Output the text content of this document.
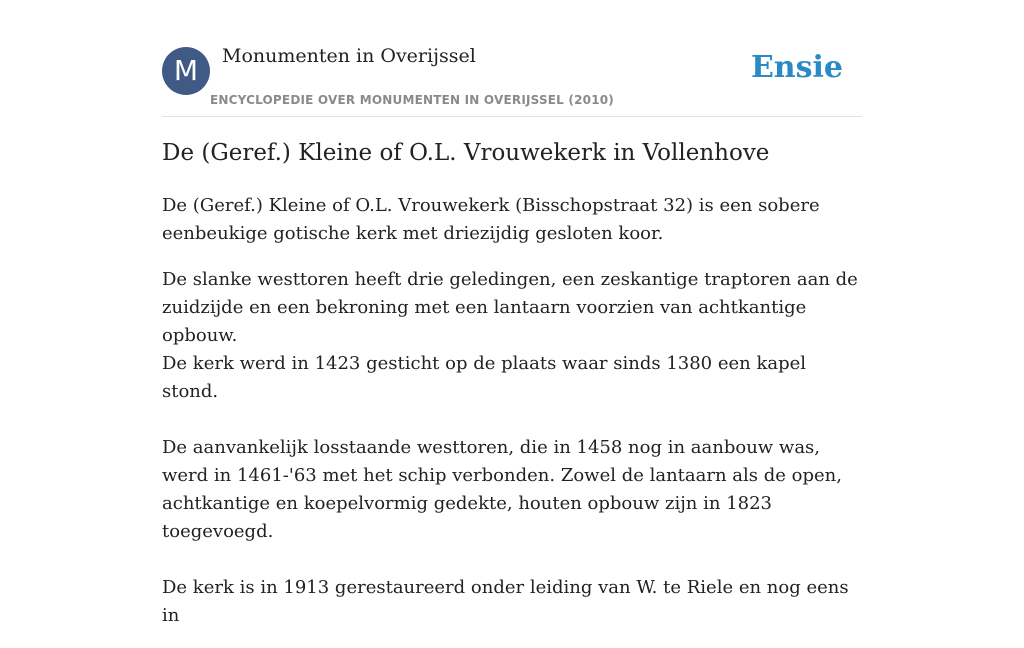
M	Monumenten in Overijssel
ENCYCLOPEDIE OVER MONUMENTEN IN OVERIJSSEL (2010)
Ensie
De (Geref.) Kleine of O.L. Vrouwekerk in Vollenhove

De (Geref.) Kleine of O.L. Vrouwekerk (Bisschopstraat 32) is een sobere eenbeukige gotische kerk met driezijdig gesloten koor.

De slanke westtoren heeft drie geledingen, een zeskantige traptoren aan de zuidzijde en een bekroning met een lantaarn voorzien van achtkantige opbouw.
De kerk werd in 1423 gesticht op de plaats waar sinds 1380 een kapel stond.

De aanvankelijk losstaande westtoren, die in 1458 nog in aanbouw was, werd in 1461-'63 met het schip verbonden. Zowel de lantaarn als de open, achtkantige en koepelvormig gedekte, houten opbouw zijn in 1823 toegevoegd.

De kerk is in 1913 gerestaureerd onder leiding van W. te Riele en nog eens in
